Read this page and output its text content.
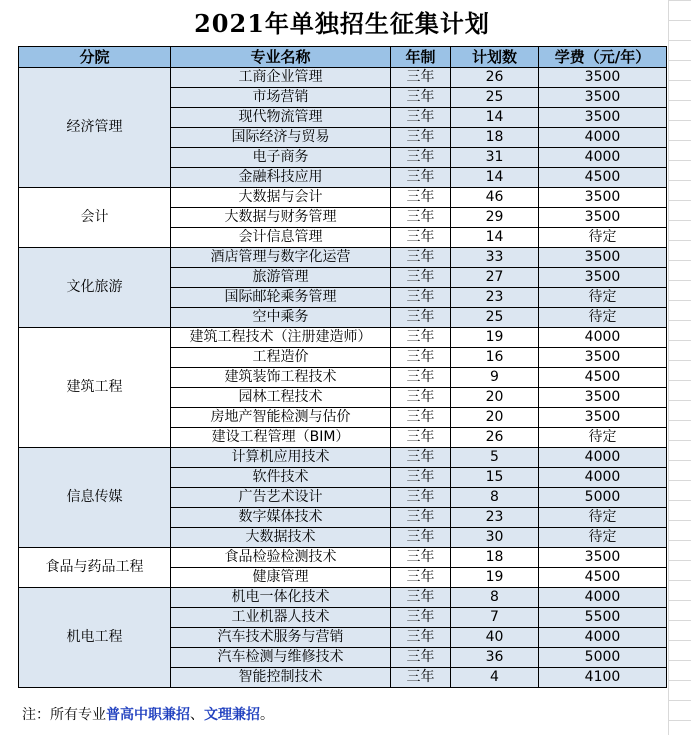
2021年单独招生征集计划
分院	专业名称	年制	计划数	学费（元/年）
经济管理	工商企业管理	三年	26	3500
	市场营销	三年	25	3500
	现代物流管理	三年	14	3500
	国际经济与贸易	三年	18	4000
	电子商务	三年	31	4000
	金融科技应用	三年	14	4500
会计	大数据与会计	三年	46	3500
	大数据与财务管理	三年	29	3500
	会计信息管理	三年	14	待定
文化旅游	酒店管理与数字化运营	三年	33	3500
	旅游管理	三年	27	3500
	国际邮轮乘务管理	三年	23	待定
	空中乘务	三年	25	待定
建筑工程	建筑工程技术（注册建造师）	三年	19	4000
	工程造价	三年	16	3500
	建筑装饰工程技术	三年	9	4500
	园林工程技术	三年	20	3500
	房地产智能检测与估价	三年	20	3500
	建设工程管理（BIM）	三年	26	待定
信息传媒	计算机应用技术	三年	5	4000
	软件技术	三年	15	4000
	广告艺术设计	三年	8	5000
	数字媒体技术	三年	23	待定
	大数据技术	三年	30	待定
食品与药品工程	食品检验检测技术	三年	18	3500
	健康管理	三年	19	4500
机电工程	机电一体化技术	三年	8	4000
	工业机器人技术	三年	7	5500
	汽车技术服务与营销	三年	40	4000
	汽车检测与维修技术	三年	36	5000
	智能控制技术	三年	4	4100
注：所有专业普高中职兼招、文理兼招。
